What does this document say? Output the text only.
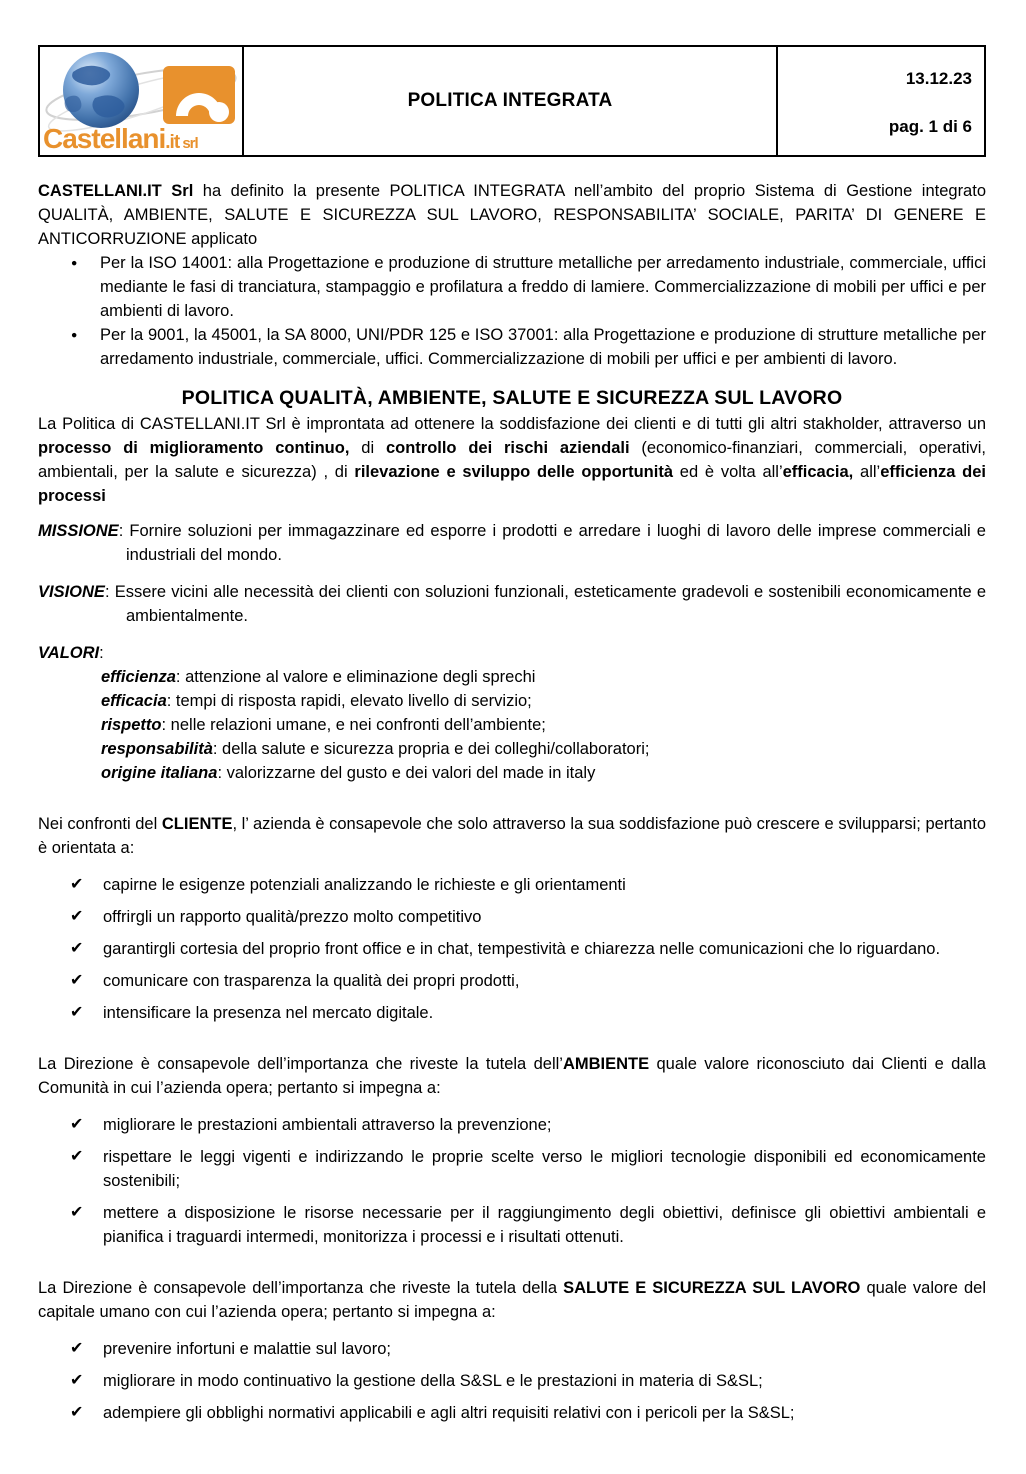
Castellani.it srl
POLITICA INTEGRATA
13.12.23
pag. 1 di 6

CASTELLANI.IT Srl ha definito la presente POLITICA INTEGRATA nell’ambito del proprio Sistema di Gestione integrato QUALITÀ, AMBIENTE, SALUTE E SICUREZZA SUL LAVORO, RESPONSABILITA’ SOCIALE, PARITA’ DI GENERE E ANTICORRUZIONE applicato

● Per la ISO 14001: alla Progettazione e produzione di strutture metalliche per arredamento industriale, commerciale, uffici mediante le fasi di tranciatura, stampaggio e profilatura a freddo di lamiere. Commercializzazione di mobili per uffici e per ambienti di lavoro.
● Per la 9001, la 45001, la SA 8000, UNI/PDR 125 e ISO 37001: alla Progettazione e produzione di strutture metalliche per arredamento industriale, commerciale, uffici. Commercializzazione di mobili per uffici e per ambienti di lavoro.
POLITICA QUALITÀ, AMBIENTE, SALUTE E SICUREZZA SUL LAVORO

La Politica di CASTELLANI.IT Srl è improntata ad ottenere la soddisfazione dei clienti e di tutti gli altri stakholder, attraverso un processo di miglioramento continuo, di controllo dei rischi aziendali (economico-finanziari, commerciali, operativi, ambientali, per la salute e sicurezza) , di rilevazione e sviluppo delle opportunità ed è volta all’efficacia, all’efficienza dei processi

MISSIONE: Fornire soluzioni per immagazzinare ed esporre i prodotti e arredare i luoghi di lavoro delle imprese commerciali e industriali del mondo.

VISIONE: Essere vicini alle necessità dei clienti con soluzioni funzionali, esteticamente gradevoli e sostenibili economicamente e ambientalmente.

VALORI:

efficienza: attenzione al valore e eliminazione degli sprechi
efficacia: tempi di risposta rapidi, elevato livello di servizio;
rispetto: nelle relazioni umane, e nei confronti dell’ambiente;
responsabilità: della salute e sicurezza propria e dei colleghi/collaboratori;
origine italiana: valorizzarne del gusto e dei valori del made in italy

Nei confronti del CLIENTE, l’ azienda è consapevole che solo attraverso la sua soddisfazione può crescere e svilupparsi; pertanto è orientata a:

✔ capirne le esigenze potenziali analizzando le richieste e gli orientamenti
✔ offrirgli un rapporto qualità/prezzo molto competitivo
✔ garantirgli cortesia del proprio front office e in chat, tempestività e chiarezza nelle comunicazioni che lo riguardano.
✔ comunicare con trasparenza la qualità dei propri prodotti,
✔ intensificare la presenza nel mercato digitale.

La Direzione è consapevole dell’importanza che riveste la tutela dell’AMBIENTE quale valore riconosciuto dai Clienti e dalla Comunità in cui l’azienda opera; pertanto si impegna a:

✔ migliorare le prestazioni ambientali attraverso la prevenzione;
✔ rispettare le leggi vigenti e indirizzando le proprie scelte verso le migliori tecnologie disponibili ed economicamente sostenibili;
✔ mettere a disposizione le risorse necessarie per il raggiungimento degli obiettivi, definisce gli obiettivi ambientali e pianifica i traguardi intermedi, monitorizza i processi e i risultati ottenuti.

La Direzione è consapevole dell’importanza che riveste la tutela della SALUTE E SICUREZZA SUL LAVORO quale valore del capitale umano con cui l’azienda opera; pertanto si impegna a:

✔ prevenire infortuni e malattie sul lavoro;
✔ migliorare in modo continuativo la gestione della S&SL e le prestazioni in materia di S&SL;
✔ adempiere gli obblighi normativi applicabili e agli altri requisiti relativi con i pericoli per la S&SL;
